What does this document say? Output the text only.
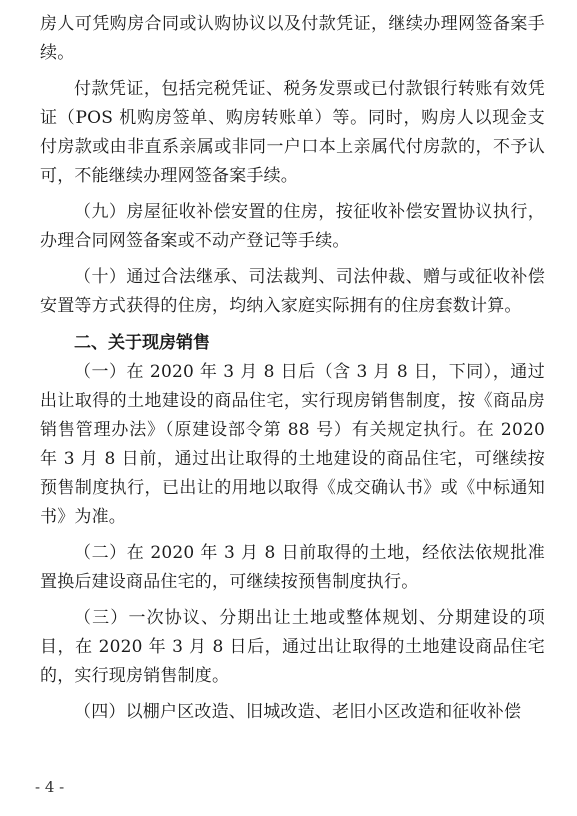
房人可凭购房合同或认购协议以及付款凭证，继续办理网签备案手续。

付款凭证，包括完税凭证、税务发票或已付款银行转账有效凭证（POS 机购房签单、购房转账单）等。同时，购房人以现金支付房款或由非直系亲属或非同一户口本上亲属代付房款的，不予认可，不能继续办理网签备案手续。

（九）房屋征收补偿安置的住房，按征收补偿安置协议执行，办理合同网签备案或不动产登记等手续。

（十）通过合法继承、司法裁判、司法仲裁、赠与或征收补偿安置等方式获得的住房，均纳入家庭实际拥有的住房套数计算。

二、关于现房销售

（一）在 2020 年 3 月 8 日后（含 3 月 8 日，下同），通过出让取得的土地建设的商品住宅，实行现房销售制度，按《商品房销售管理办法》（原建设部令第 88 号）有关规定执行。在 2020 年 3 月 8 日前，通过出让取得的土地建设的商品住宅，可继续按预售制度执行，已出让的用地以取得《成交确认书》或《中标通知书》为准。

（二）在 2020 年 3 月 8 日前取得的土地，经依法依规批准置换后建设商品住宅的，可继续按预售制度执行。

（三）一次协议、分期出让土地或整体规划、分期建设的项目，在 2020 年 3 月 8 日后，通过出让取得的土地建设商品住宅的，实行现房销售制度。

（四）以棚户区改造、旧城改造、老旧小区改造和征收补偿

- 4 -
